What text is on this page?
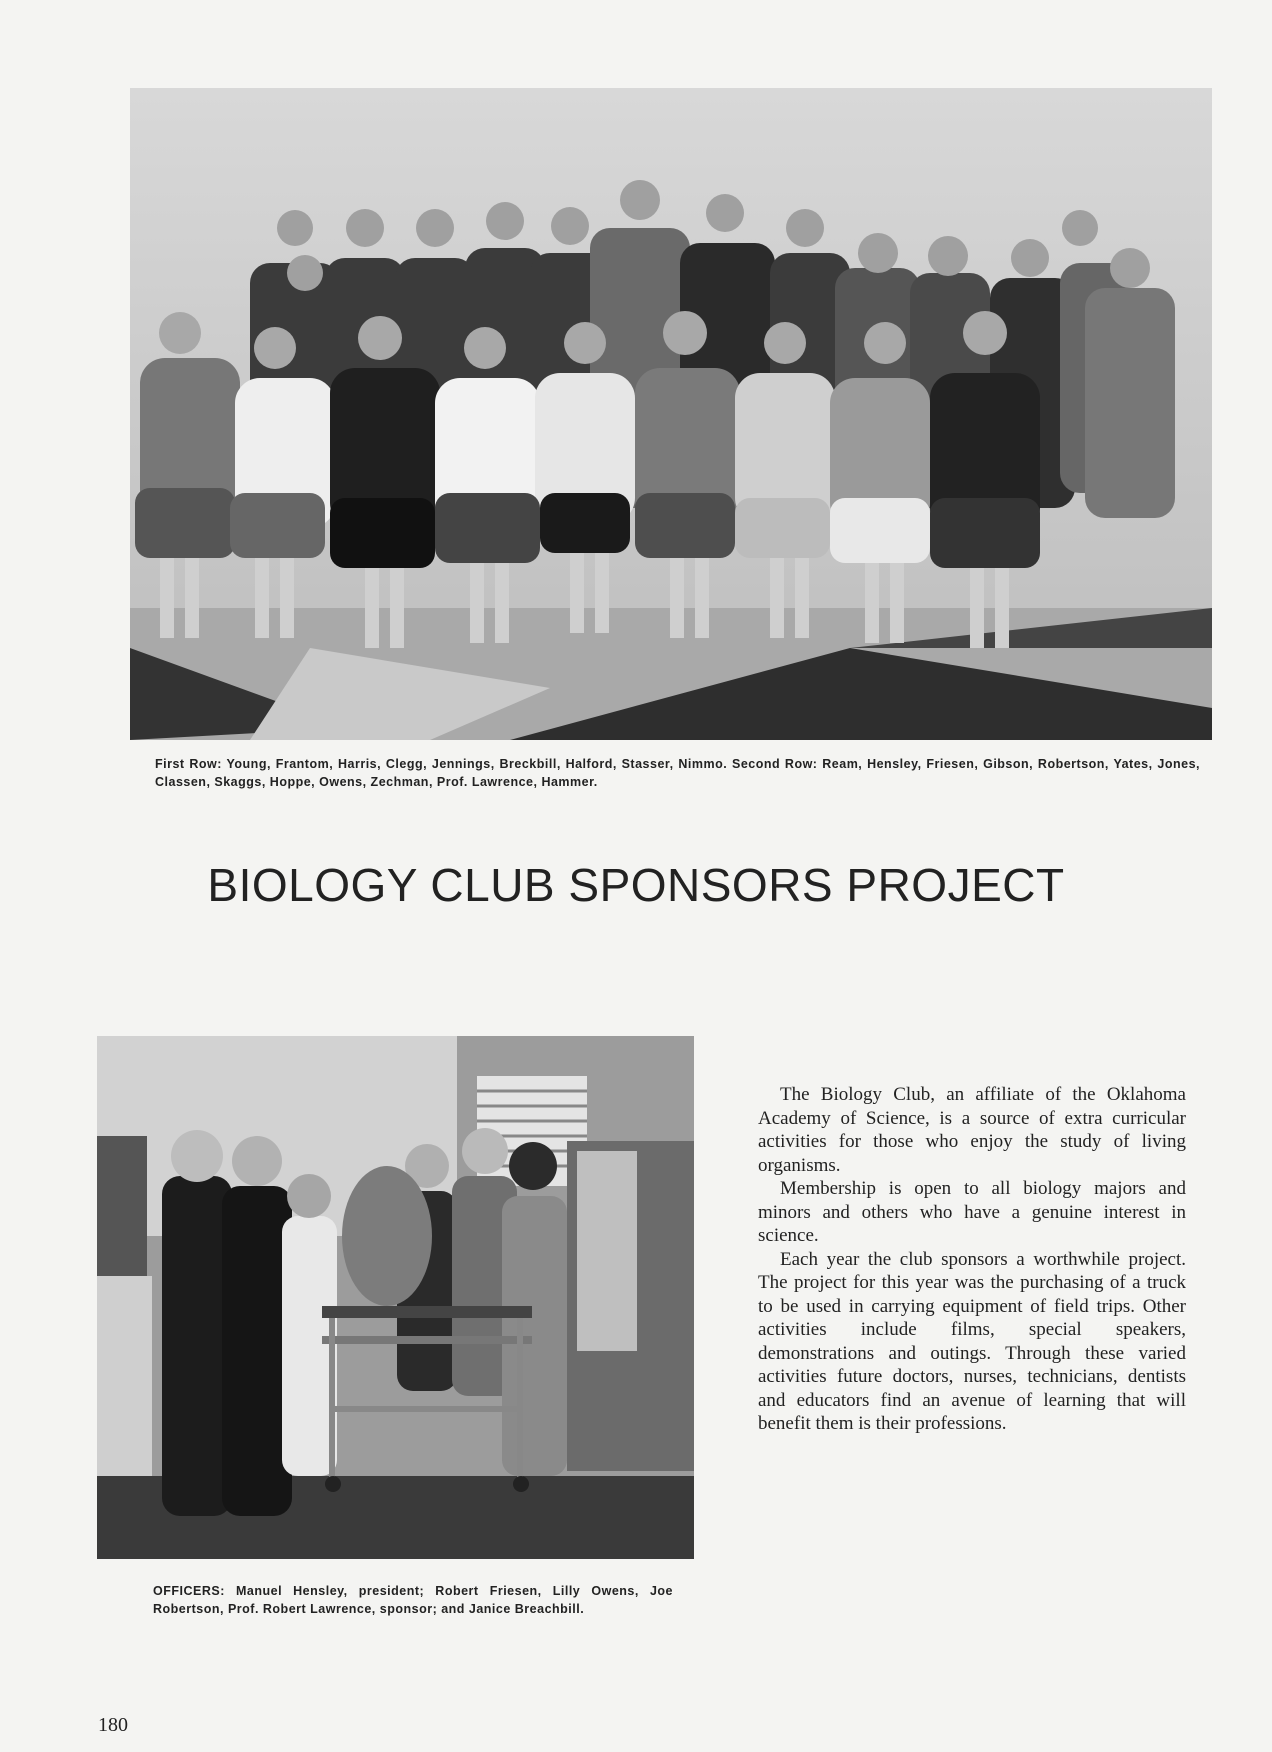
First Row: Young, Frantom, Harris, Clegg, Jennings, Breckbill, Halford, Stasser, Nimmo. Second Row: Ream, Hensley, Friesen, Gibson, Robertson, Yates, Jones, Classen, Skaggs, Hoppe, Owens, Zechman, Prof. Lawrence, Hammer.
BIOLOGY CLUB SPONSORS PROJECT
OFFICERS: Manuel Hensley, president; Robert Friesen, Lilly Owens, Joe Robertson, Prof. Robert Lawrence, sponsor; and Janice Breachbill.

The Biology Club, an affiliate of the Oklahoma Academy of Science, is a source of extra curricular activities for those who enjoy the study of living organisms.

Membership is open to all biology majors and minors and others who have a genuine interest in science.

Each year the club sponsors a worthwhile project. The project for this year was the purchasing of a truck to be used in carrying equipment of field trips. Other activities include films, special speakers, demonstrations and outings. Through these varied activities future doctors, nurses, technicians, dentists and educators find an avenue of learning that will benefit them is their professions.

180
